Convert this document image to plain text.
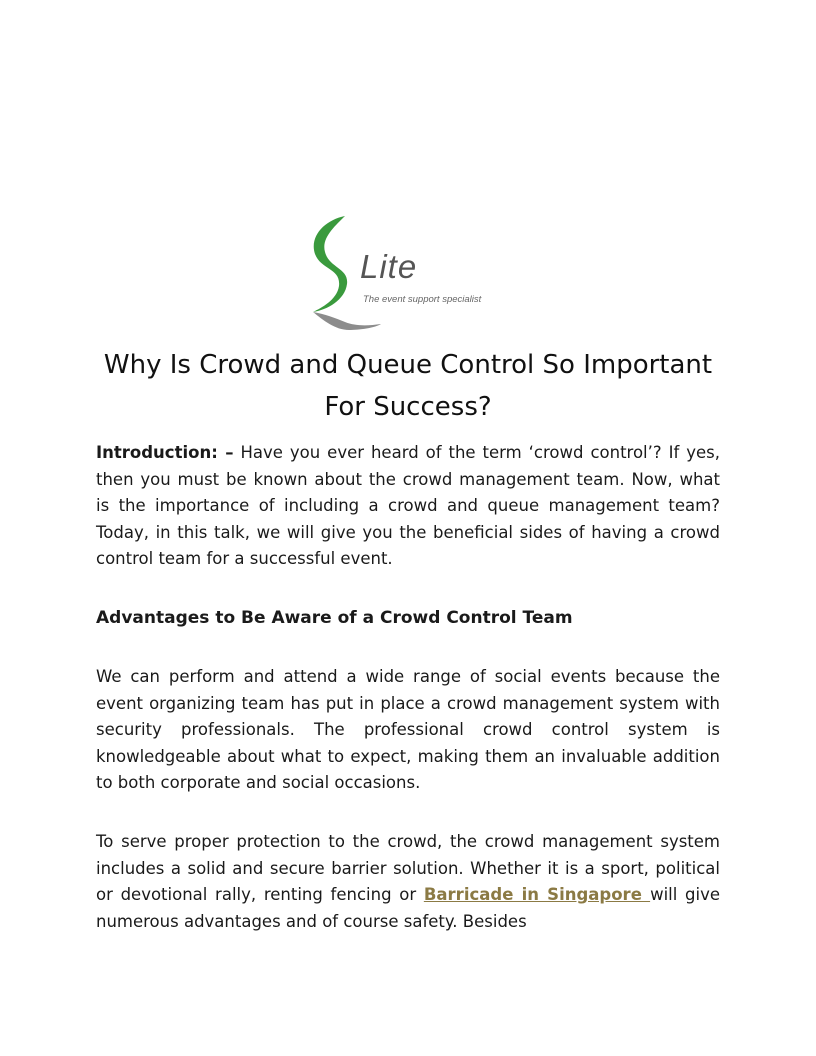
Lite
The event support specialist
Why Is Crowd and Queue Control So Important For Success?

Introduction: – Have you ever heard of the term ‘crowd control’? If yes, then you must be known about the crowd management team. Now, what is the importance of including a crowd and queue management team? Today, in this talk, we will give you the beneficial sides of having a crowd control team for a successful event.

Advantages to Be Aware of a Crowd Control Team

We can perform and attend a wide range of social events because the event organizing team has put in place a crowd management system with security professionals. The professional crowd control system is knowledgeable about what to expect, making them an invaluable addition to both corporate and social occasions.

To serve proper protection to the crowd, the crowd management system includes a solid and secure barrier solution. Whether it is a sport, political or devotional rally, renting fencing or Barricade in Singapore will give numerous advantages and of course safety. Besides
